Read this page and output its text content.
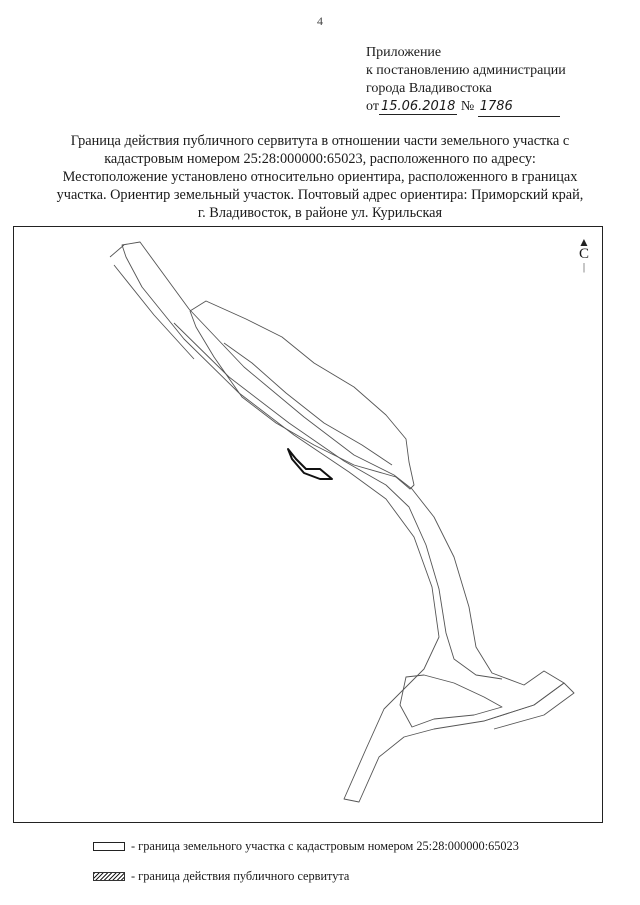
4
Приложение
к постановлению администрации
города Владивостока
от 15.06.2018 № 1786
Граница действия публичного сервитута в отношении части земельного участка с
кадастровым номером 25:28:000000:65023, расположенного по адресу:
Местоположение установлено относительно ориентира, расположенного в границах
участка. Ориентир земельный участок. Почтовый адрес ориентира: Приморский край,
г. Владивосток, в районе ул. Курильская
▲
С
|
- граница земельного участка с кадастровым номером 25:28:000000:65023
- граница действия публичного сервитута
